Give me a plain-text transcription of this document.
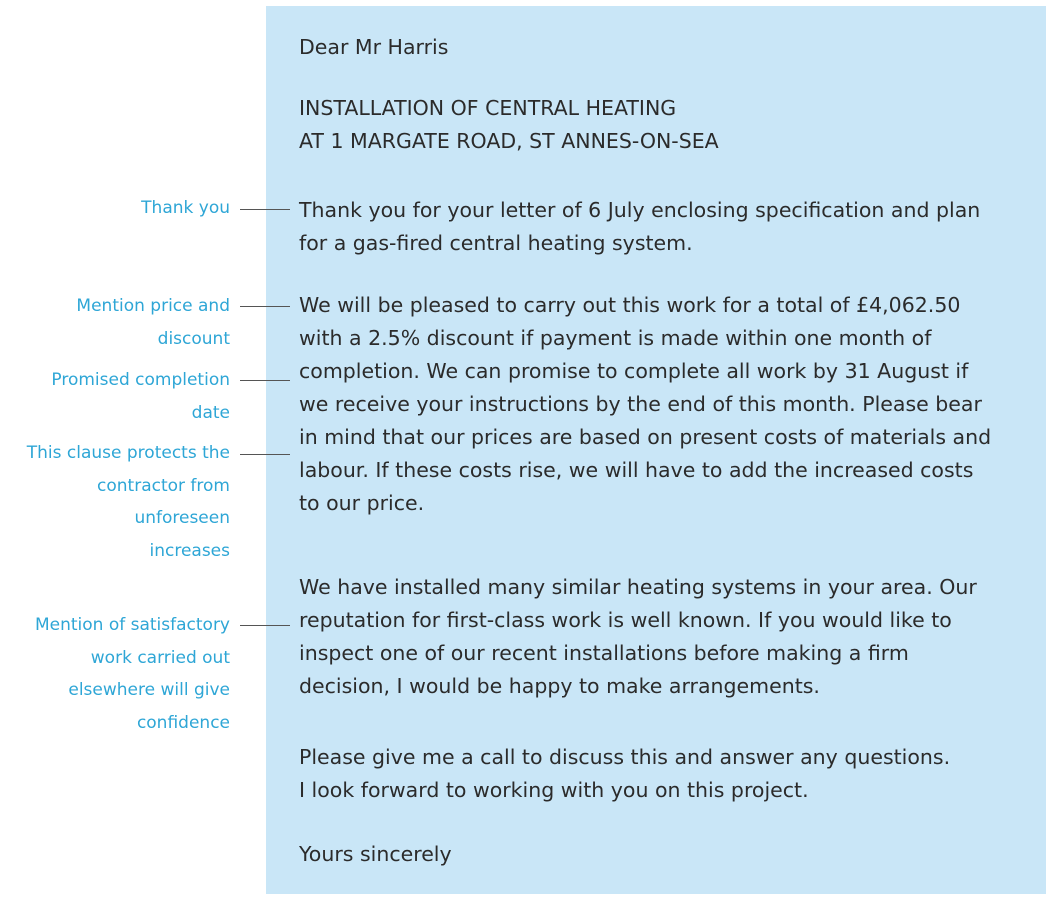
Dear Mr Harris

INSTALLATION OF CENTRAL HEATING
AT 1 MARGATE ROAD, ST ANNES-ON-SEA

Thank you for your letter of 6 July enclosing specification and plan
for a gas-fired central heating system.

We will be pleased to carry out this work for a total of £4,062.50
with a 2.5% discount if payment is made within one month of
completion. We can promise to complete all work by 31 August if
we receive your instructions by the end of this month. Please bear
in mind that our prices are based on present costs of materials and
labour. If these costs rise, we will have to add the increased costs
to our price.

We have installed many similar heating systems in your area. Our
reputation for first-class work is well known. If you would like to
inspect one of our recent installations before making a firm
decision, I would be happy to make arrangements.

Please give me a call to discuss this and answer any questions.
I look forward to working with you on this project.

Yours sincerely

Thank you

Mention price and
discount

Promised completion
date

This clause protects the
contractor from
unforeseen
increases

Mention of satisfactory
work carried out
elsewhere will give
confidence
